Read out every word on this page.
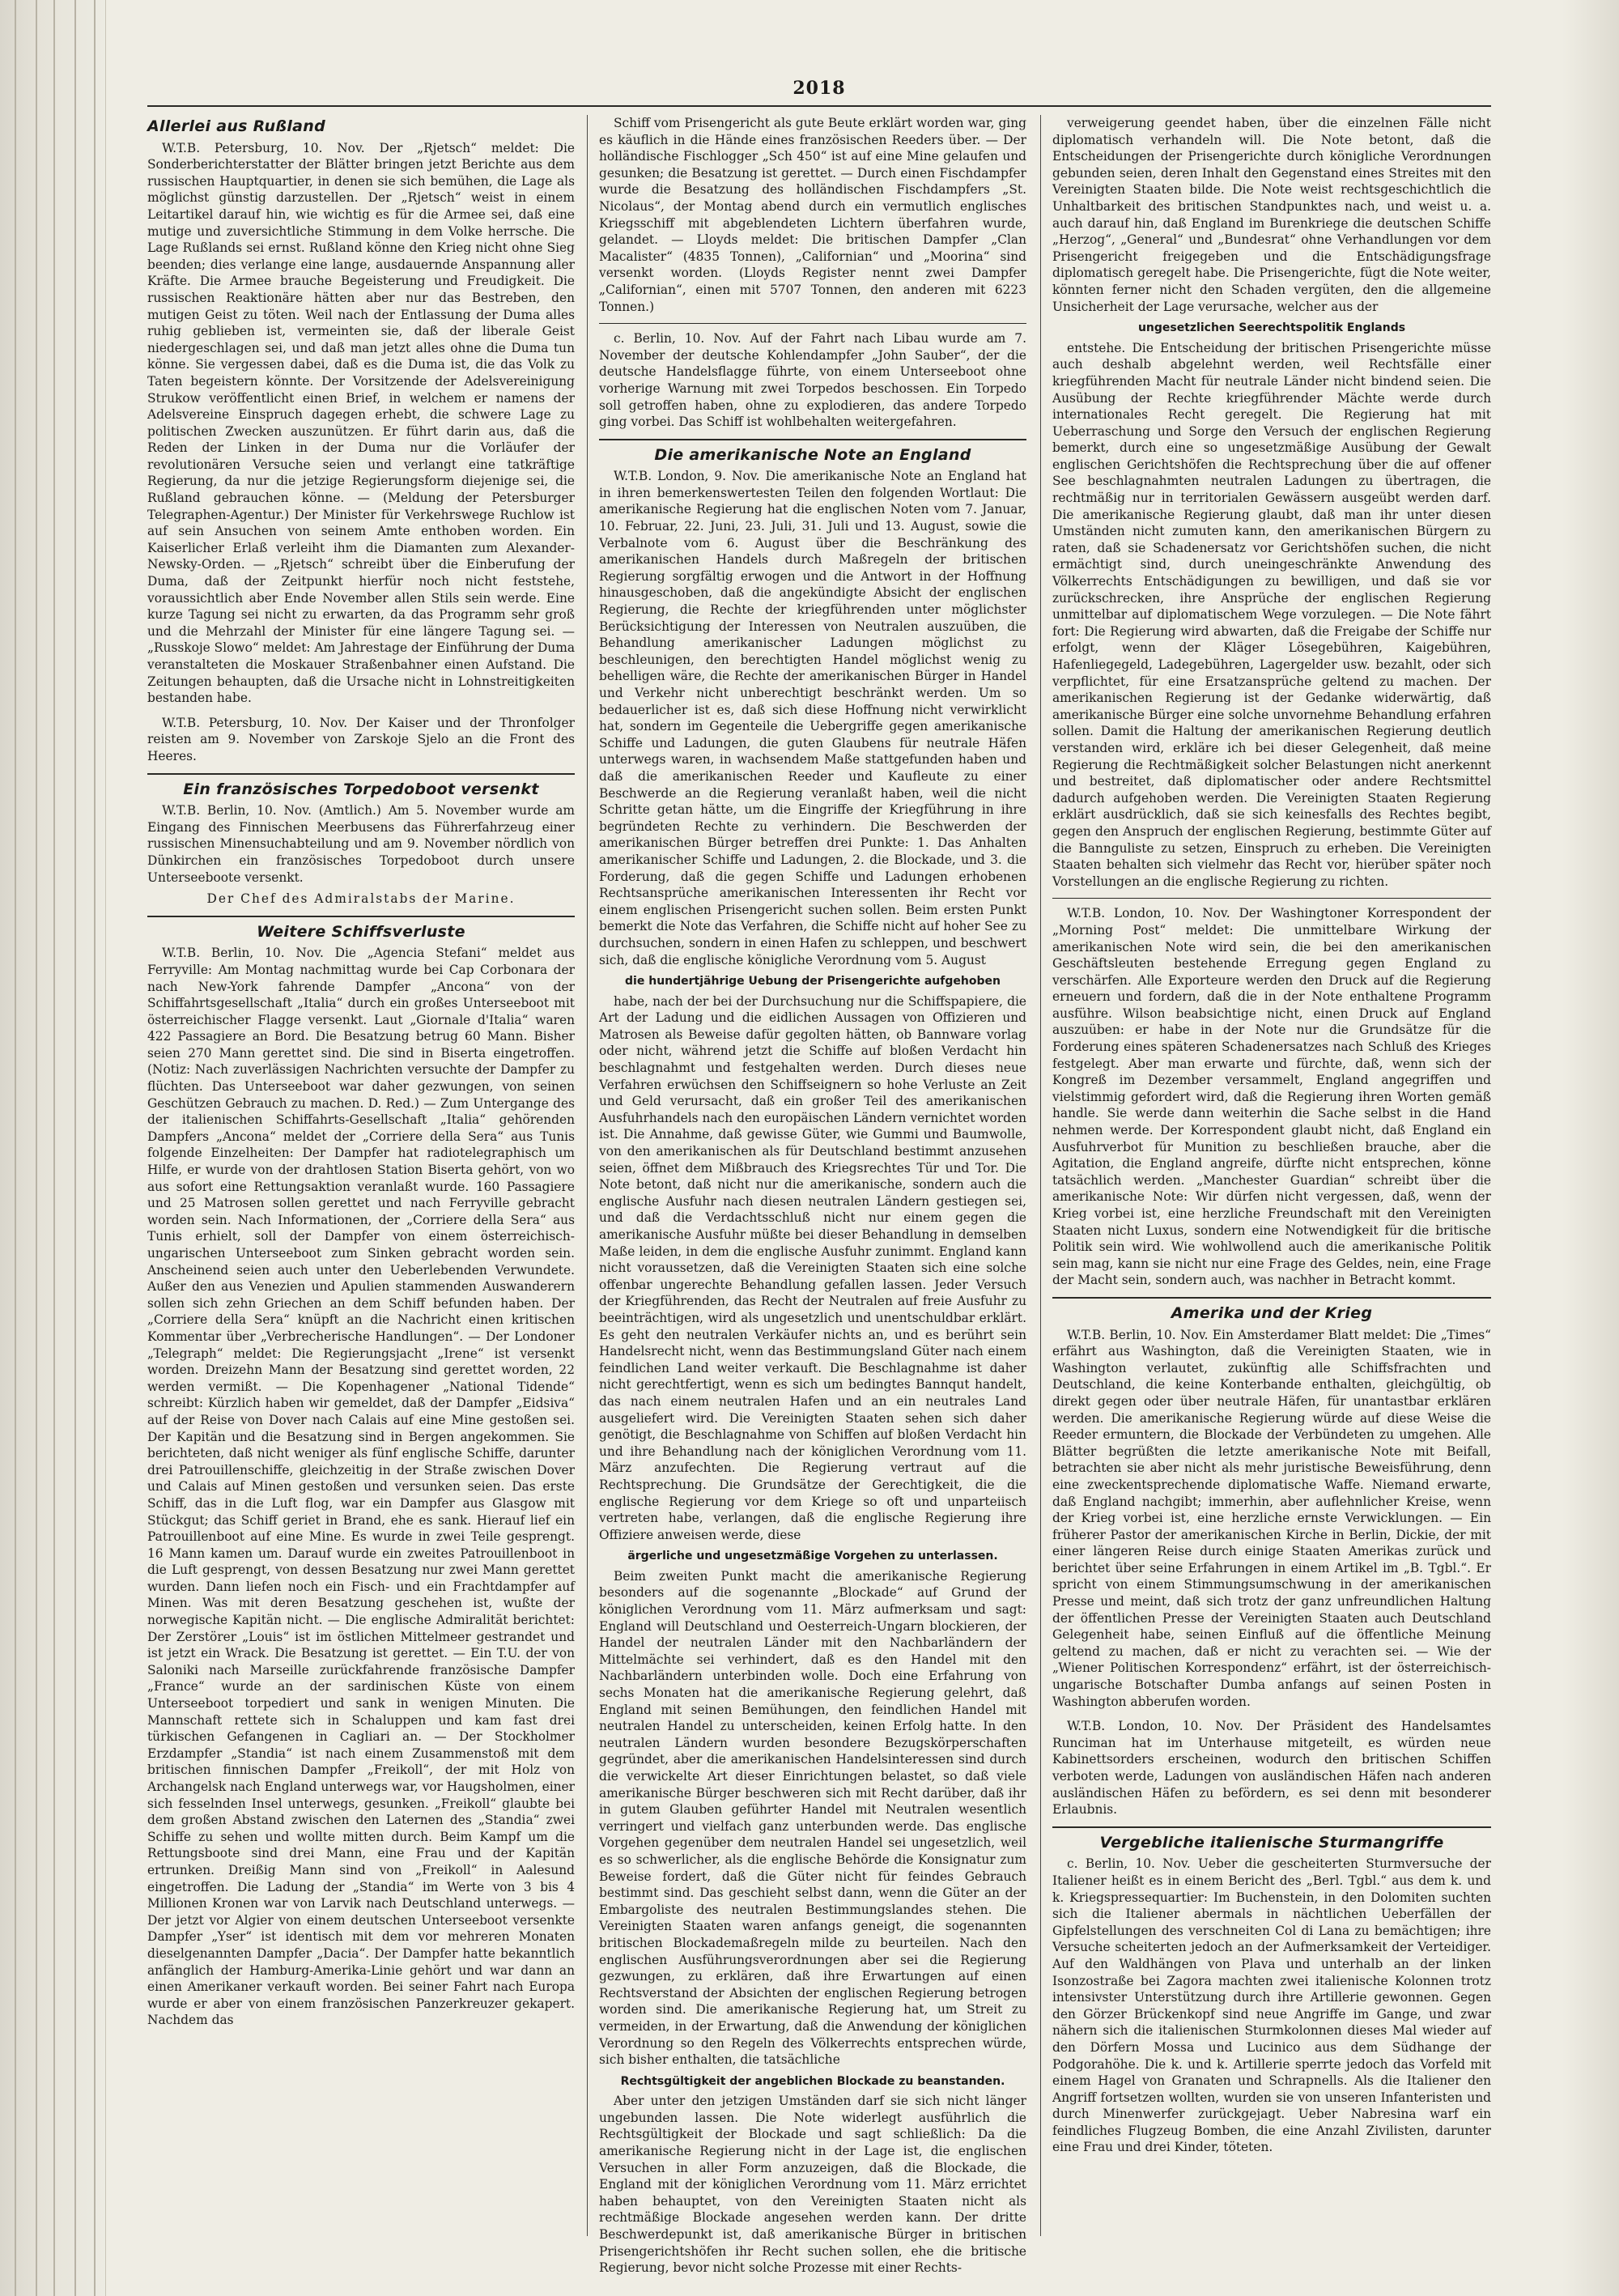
2018
Allerlei aus Rußland

W.T.B. Petersburg, 10. Nov. Der „Rjetsch“ meldet: Die Sonderberichterstatter der Blätter bringen jetzt Berichte aus dem russischen Hauptquartier, in denen sie sich bemühen, die Lage als möglichst günstig darzustellen. Der „Rjetsch“ weist in einem Leitartikel darauf hin, wie wichtig es für die Armee sei, daß eine mutige und zuversichtliche Stimmung in dem Volke herrsche. Die Lage Rußlands sei ernst. Rußland könne den Krieg nicht ohne Sieg beenden; dies verlange eine lange, ausdauernde Anspannung aller Kräfte. Die Armee brauche Begeisterung und Freudigkeit. Die russischen Reaktionäre hätten aber nur das Bestreben, den mutigen Geist zu töten. Weil nach der Entlassung der Duma alles ruhig geblieben ist, vermeinten sie, daß der liberale Geist niedergeschlagen sei, und daß man jetzt alles ohne die Duma tun könne. Sie vergessen dabei, daß es die Duma ist, die das Volk zu Taten begeistern könnte. Der Vorsitzende der Adelsvereinigung Strukow veröffentlicht einen Brief, in welchem er namens der Adelsvereine Einspruch dagegen erhebt, die schwere Lage zu politischen Zwecken auszunützen. Er führt darin aus, daß die Reden der Linken in der Duma nur die Vorläufer der revolutionären Versuche seien und verlangt eine tatkräftige Regierung, da nur die jetzige Regierungsform diejenige sei, die Rußland gebrauchen könne. — (Meldung der Petersburger Telegraphen-Agentur.) Der Minister für Verkehrswege Ruchlow ist auf sein Ansuchen von seinem Amte enthoben worden. Ein Kaiserlicher Erlaß verleiht ihm die Diamanten zum Alexander-Newsky-Orden. — „Rjetsch“ schreibt über die Einberufung der Duma, daß der Zeitpunkt hierfür noch nicht feststehe, voraussichtlich aber Ende November allen Stils sein werde. Eine kurze Tagung sei nicht zu erwarten, da das Programm sehr groß und die Mehrzahl der Minister für eine längere Tagung sei. — „Russkoje Slowo“ meldet: Am Jahrestage der Einführung der Duma veranstalteten die Moskauer Straßenbahner einen Aufstand. Die Zeitungen behaupten, daß die Ursache nicht in Lohnstreitigkeiten bestanden habe.

W.T.B. Petersburg, 10. Nov. Der Kaiser und der Thronfolger reisten am 9. November von Zarskoje Sjelo an die Front des Heeres.

Ein französisches Torpedoboot versenkt

W.T.B. Berlin, 10. Nov. (Amtlich.) Am 5. November wurde am Eingang des Finnischen Meerbusens das Führerfahrzeug einer russischen Minensuchabteilung und am 9. November nördlich von Dünkirchen ein französisches Torpedoboot durch unsere Unterseeboote versenkt.

Der Chef des Admiralstabs der Marine.

Weitere Schiffsverluste

W.T.B. Berlin, 10. Nov. Die „Agencia Stefani“ meldet aus Ferryville: Am Montag nachmittag wurde bei Cap Corbonara der nach New-York fahrende Dampfer „Ancona“ von der Schiffahrtsgesellschaft „Italia“ durch ein großes Unterseeboot mit österreichischer Flagge versenkt. Laut „Giornale d'Italia“ waren 422 Passagiere an Bord. Die Besatzung betrug 60 Mann. Bisher seien 270 Mann gerettet sind. Die sind in Biserta eingetroffen. (Notiz: Nach zuverlässigen Nachrichten versuchte der Dampfer zu flüchten. Das Unterseeboot war daher gezwungen, von seinen Geschützen Gebrauch zu machen. D. Red.) — Zum Untergange des der italienischen Schiffahrts-Gesellschaft „Italia“ gehörenden Dampfers „Ancona“ meldet der „Corriere della Sera“ aus Tunis folgende Einzelheiten: Der Dampfer hat radiotelegraphisch um Hilfe, er wurde von der drahtlosen Station Biserta gehört, von wo aus sofort eine Rettungsaktion veranlaßt wurde. 160 Passagiere und 25 Matrosen sollen gerettet und nach Ferryville gebracht worden sein. Nach Informationen, der „Corriere della Sera“ aus Tunis erhielt, soll der Dampfer von einem österreichisch-ungarischen Unterseeboot zum Sinken gebracht worden sein. Anscheinend seien auch unter den Ueberlebenden Verwundete. Außer den aus Venezien und Apulien stammenden Auswanderern sollen sich zehn Griechen an dem Schiff befunden haben. Der „Corriere della Sera“ knüpft an die Nachricht einen kritischen Kommentar über „Verbrecherische Handlungen“. — Der Londoner „Telegraph“ meldet: Die Regierungsjacht „Irene“ ist versenkt worden. Dreizehn Mann der Besatzung sind gerettet worden, 22 werden vermißt. — Die Kopenhagener „National Tidende“ schreibt: Kürzlich haben wir gemeldet, daß der Dampfer „Eidsiva“ auf der Reise von Dover nach Calais auf eine Mine gestoßen sei. Der Kapitän und die Besatzung sind in Bergen angekommen. Sie berichteten, daß nicht weniger als fünf englische Schiffe, darunter drei Patrouillenschiffe, gleichzeitig in der Straße zwischen Dover und Calais auf Minen gestoßen und versunken seien. Das erste Schiff, das in die Luft flog, war ein Dampfer aus Glasgow mit Stückgut; das Schiff geriet in Brand, ehe es sank. Hierauf lief ein Patrouillenboot auf eine Mine. Es wurde in zwei Teile gesprengt. 16 Mann kamen um. Darauf wurde ein zweites Patrouillenboot in die Luft gesprengt, von dessen Besatzung nur zwei Mann gerettet wurden. Dann liefen noch ein Fisch- und ein Frachtdampfer auf Minen. Was mit deren Besatzung geschehen ist, wußte der norwegische Kapitän nicht. — Die englische Admiralität berichtet: Der Zerstörer „Louis“ ist im östlichen Mittelmeer gestrandet und ist jetzt ein Wrack. Die Besatzung ist gerettet. — Ein T.U. der von Saloniki nach Marseille zurückfahrende französische Dampfer „France“ wurde an der sardinischen Küste von einem Unterseeboot torpediert und sank in wenigen Minuten. Die Mannschaft rettete sich in Schaluppen und kam fast drei türkischen Gefangenen in Cagliari an. — Der Stockholmer Erzdampfer „Standia“ ist nach einem Zusammenstoß mit dem britischen finnischen Dampfer „Freikoll“, der mit Holz von Archangelsk nach England unterwegs war, vor Haugsholmen, einer sich fesselnden Insel unterwegs, gesunken. „Freikoll“ glaubte bei dem großen Abstand zwischen den Laternen des „Standia“ zwei Schiffe zu sehen und wollte mitten durch. Beim Kampf um die Rettungsboote sind drei Mann, eine Frau und der Kapitän ertrunken. Dreißig Mann sind von „Freikoll“ in Aalesund eingetroffen. Die Ladung der „Standia“ im Werte von 3 bis 4 Millionen Kronen war von Larvik nach Deutschland unterwegs. — Der jetzt vor Algier von einem deutschen Unterseeboot versenkte Dampfer „Yser“ ist identisch mit dem vor mehreren Monaten dieselgenannten Dampfer „Dacia“. Der Dampfer hatte bekanntlich anfänglich der Hamburg-Amerika-Linie gehört und war dann an einen Amerikaner verkauft worden. Bei seiner Fahrt nach Europa wurde er aber von einem französischen Panzerkreuzer gekapert. Nachdem das

Schiff vom Prisengericht als gute Beute erklärt worden war, ging es käuflich in die Hände eines französischen Reeders über. — Der holländische Fischlogger „Sch 450“ ist auf eine Mine gelaufen und gesunken; die Besatzung ist gerettet. — Durch einen Fischdampfer wurde die Besatzung des holländischen Fischdampfers „St. Nicolaus“, der Montag abend durch ein vermutlich englisches Kriegsschiff mit abgeblendeten Lichtern überfahren wurde, gelandet. — Lloyds meldet: Die britischen Dampfer „Clan Macalister“ (4835 Tonnen), „Californian“ und „Moorina“ sind versenkt worden. (Lloyds Register nennt zwei Dampfer „Californian“, einen mit 5707 Tonnen, den anderen mit 6223 Tonnen.)

c. Berlin, 10. Nov. Auf der Fahrt nach Libau wurde am 7. November der deutsche Kohlendampfer „John Sauber“, der die deutsche Handelsflagge führte, von einem Unterseeboot ohne vorherige Warnung mit zwei Torpedos beschossen. Ein Torpedo soll getroffen haben, ohne zu explodieren, das andere Torpedo ging vorbei. Das Schiff ist wohlbehalten weitergefahren.

Die amerikanische Note an England

W.T.B. London, 9. Nov. Die amerikanische Note an England hat in ihren bemerkenswertesten Teilen den folgenden Wortlaut: Die amerikanische Regierung hat die englischen Noten vom 7. Januar, 10. Februar, 22. Juni, 23. Juli, 31. Juli und 13. August, sowie die Verbalnote vom 6. August über die Beschränkung des amerikanischen Handels durch Maßregeln der britischen Regierung sorgfältig erwogen und die Antwort in der Hoffnung hinausgeschoben, daß die angekündigte Absicht der englischen Regierung, die Rechte der kriegführenden unter möglichster Berücksichtigung der Interessen von Neutralen auszuüben, die Behandlung amerikanischer Ladungen möglichst zu beschleunigen, den berechtigten Handel möglichst wenig zu behelligen wäre, die Rechte der amerikanischen Bürger in Handel und Verkehr nicht unberechtigt beschränkt werden. Um so bedauerlicher ist es, daß sich diese Hoffnung nicht verwirklicht hat, sondern im Gegenteile die Uebergriffe gegen amerikanische Schiffe und Ladungen, die guten Glaubens für neutrale Häfen unterwegs waren, in wachsendem Maße stattgefunden haben und daß die amerikanischen Reeder und Kaufleute zu einer Beschwerde an die Regierung veranlaßt haben, weil die nicht Schritte getan hätte, um die Eingriffe der Kriegführung in ihre begründeten Rechte zu verhindern. Die Beschwerden der amerikanischen Bürger betreffen drei Punkte: 1. Das Anhalten amerikanischer Schiffe und Ladungen, 2. die Blockade, und 3. die Forderung, daß die gegen Schiffe und Ladungen erhobenen Rechtsansprüche amerikanischen Interessenten ihr Recht vor einem englischen Prisengericht suchen sollen. Beim ersten Punkt bemerkt die Note das Verfahren, die Schiffe nicht auf hoher See zu durchsuchen, sondern in einen Hafen zu schleppen, und beschwert sich, daß die englische königliche Verordnung vom 5. August

die hundertjährige Uebung der Prisengerichte aufgehoben

habe, nach der bei der Durchsuchung nur die Schiffspapiere, die Art der Ladung und die eidlichen Aussagen von Offizieren und Matrosen als Beweise dafür gegolten hätten, ob Bannware vorlag oder nicht, während jetzt die Schiffe auf bloßen Verdacht hin beschlagnahmt und festgehalten werden. Durch dieses neue Verfahren erwüchsen den Schiffseignern so hohe Verluste an Zeit und Geld verursacht, daß ein großer Teil des amerikanischen Ausfuhrhandels nach den europäischen Ländern vernichtet worden ist. Die Annahme, daß gewisse Güter, wie Gummi und Baumwolle, von den amerikanischen als für Deutschland bestimmt anzusehen seien, öffnet dem Mißbrauch des Kriegsrechtes Tür und Tor. Die Note betont, daß nicht nur die amerikanische, sondern auch die englische Ausfuhr nach diesen neutralen Ländern gestiegen sei, und daß die Verdachtsschluß nicht nur einem gegen die amerikanische Ausfuhr müßte bei dieser Behandlung in demselben Maße leiden, in dem die englische Ausfuhr zunimmt. England kann nicht voraussetzen, daß die Vereinigten Staaten sich eine solche offenbar ungerechte Behandlung gefallen lassen. Jeder Versuch der Kriegführenden, das Recht der Neutralen auf freie Ausfuhr zu beeinträchtigen, wird als ungesetzlich und unentschuldbar erklärt. Es geht den neutralen Verkäufer nichts an, und es berührt sein Handelsrecht nicht, wenn das Bestimmungsland Güter nach einem feindlichen Land weiter verkauft. Die Beschlagnahme ist daher nicht gerechtfertigt, wenn es sich um bedingtes Bannqut handelt, das nach einem neutralen Hafen und an ein neutrales Land ausgeliefert wird. Die Vereinigten Staaten sehen sich daher genötigt, die Beschlagnahme von Schiffen auf bloßen Verdacht hin und ihre Behandlung nach der königlichen Verordnung vom 11. März anzufechten. Die Regierung vertraut auf die Rechtsprechung. Die Grundsätze der Gerechtigkeit, die die englische Regierung vor dem Kriege so oft und unparteiisch vertreten habe, verlangen, daß die englische Regierung ihre Offiziere anweisen werde, diese

ärgerliche und ungesetzmäßige Vorgehen zu unterlassen.

Beim zweiten Punkt macht die amerikanische Regierung besonders auf die sogenannte „Blockade“ auf Grund der königlichen Verordnung vom 11. März aufmerksam und sagt: England will Deutschland und Oesterreich-Ungarn blockieren, der Handel der neutralen Länder mit den Nachbarländern der Mittelmächte sei verhindert, daß es den Handel mit den Nachbarländern unterbinden wolle. Doch eine Erfahrung von sechs Monaten hat die amerikanische Regierung gelehrt, daß England mit seinen Bemühungen, den feindlichen Handel mit neutralen Handel zu unterscheiden, keinen Erfolg hatte. In den neutralen Ländern wurden besondere Bezugskörperschaften gegründet, aber die amerikanischen Handelsinteressen sind durch die verwickelte Art dieser Einrichtungen belastet, so daß viele amerikanische Bürger beschweren sich mit Recht darüber, daß ihr in gutem Glauben geführter Handel mit Neutralen wesentlich verringert und vielfach ganz unterbunden werde. Das englische Vorgehen gegenüber dem neutralen Handel sei ungesetzlich, weil es so schwerlicher, als die englische Behörde die Konsignatur zum Beweise fordert, daß die Güter nicht für feindes Gebrauch bestimmt sind. Das geschieht selbst dann, wenn die Güter an der Embargoliste des neutralen Bestimmungslandes stehen. Die Vereinigten Staaten waren anfangs geneigt, die sogenannten britischen Blockademaßregeln milde zu beurteilen. Nach den englischen Ausführungsverordnungen aber sei die Regierung gezwungen, zu erklären, daß ihre Erwartungen auf einen Rechtsverstand der Absichten der englischen Regierung betrogen worden sind. Die amerikanische Regierung hat, um Streit zu vermeiden, in der Erwartung, daß die Anwendung der königlichen Verordnung so den Regeln des Völkerrechts entsprechen würde, sich bisher enthalten, die tatsächliche

Rechtsgültigkeit der angeblichen Blockade zu beanstanden.

Aber unter den jetzigen Umständen darf sie sich nicht länger ungebunden lassen. Die Note widerlegt ausführlich die Rechtsgültigkeit der Blockade und sagt schließlich: Da die amerikanische Regierung nicht in der Lage ist, die englischen Versuchen in aller Form anzuzeigen, daß die Blockade, die England mit der königlichen Verordnung vom 11. März errichtet haben behauptet, von den Vereinigten Staaten nicht als rechtmäßige Blockade angesehen werden kann. Der dritte Beschwerdepunkt ist, daß amerikanische Bürger in britischen Prisengerichtshöfen ihr Recht suchen sollen, ehe die britische Regierung, bevor nicht solche Prozesse mit einer Rechts-

verweigerung geendet haben, über die einzelnen Fälle nicht diplomatisch verhandeln will. Die Note betont, daß die Entscheidungen der Prisengerichte durch königliche Verordnungen gebunden seien, deren Inhalt den Gegenstand eines Streites mit den Vereinigten Staaten bilde. Die Note weist rechtsgeschichtlich die Unhaltbarkeit des britischen Standpunktes nach, und weist u. a. auch darauf hin, daß England im Burenkriege die deutschen Schiffe „Herzog“, „General“ und „Bundesrat“ ohne Verhandlungen vor dem Prisengericht freigegeben und die Entschädigungsfrage diplomatisch geregelt habe. Die Prisengerichte, fügt die Note weiter, könnten ferner nicht den Schaden vergüten, den die allgemeine Unsicherheit der Lage verursache, welcher aus der

ungesetzlichen Seerechtspolitik Englands

entstehe. Die Entscheidung der britischen Prisengerichte müsse auch deshalb abgelehnt werden, weil Rechtsfälle einer kriegführenden Macht für neutrale Länder nicht bindend seien. Die Ausübung der Rechte kriegführender Mächte werde durch internationales Recht geregelt. Die Regierung hat mit Ueberraschung und Sorge den Versuch der englischen Regierung bemerkt, durch eine so ungesetzmäßige Ausübung der Gewalt englischen Gerichtshöfen die Rechtsprechung über die auf offener See beschlagnahmten neutralen Ladungen zu übertragen, die rechtmäßig nur in territorialen Gewässern ausgeübt werden darf. Die amerikanische Regierung glaubt, daß man ihr unter diesen Umständen nicht zumuten kann, den amerikanischen Bürgern zu raten, daß sie Schadenersatz vor Gerichtshöfen suchen, die nicht ermächtigt sind, durch uneingeschränkte Anwendung des Völkerrechts Entschädigungen zu bewilligen, und daß sie vor zurückschrecken, ihre Ansprüche der englischen Regierung unmittelbar auf diplomatischem Wege vorzulegen. — Die Note fährt fort: Die Regierung wird abwarten, daß die Freigabe der Schiffe nur erfolgt, wenn der Kläger Lösegebühren, Kaigebühren, Hafenliegegeld, Ladegebühren, Lagergelder usw. bezahlt, oder sich verpflichtet, für eine Ersatzansprüche geltend zu machen. Der amerikanischen Regierung ist der Gedanke widerwärtig, daß amerikanische Bürger eine solche unvornehme Behandlung erfahren sollen. Damit die Haltung der amerikanischen Regierung deutlich verstanden wird, erkläre ich bei dieser Gelegenheit, daß meine Regierung die Rechtmäßigkeit solcher Belastungen nicht anerkennt und bestreitet, daß diplomatischer oder andere Rechtsmittel dadurch aufgehoben werden. Die Vereinigten Staaten Regierung erklärt ausdrücklich, daß sie sich keinesfalls des Rechtes begibt, gegen den Anspruch der englischen Regierung, bestimmte Güter auf die Bannguliste zu setzen, Einspruch zu erheben. Die Vereinigten Staaten behalten sich vielmehr das Recht vor, hierüber später noch Vorstellungen an die englische Regierung zu richten.

W.T.B. London, 10. Nov. Der Washingtoner Korrespondent der „Morning Post“ meldet: Die unmittelbare Wirkung der amerikanischen Note wird sein, die bei den amerikanischen Geschäftsleuten bestehende Erregung gegen England zu verschärfen. Alle Exporteure werden den Druck auf die Regierung erneuern und fordern, daß die in der Note enthaltene Programm ausführe. Wilson beabsichtige nicht, einen Druck auf England auszuüben: er habe in der Note nur die Grundsätze für die Forderung eines späteren Schadenersatzes nach Schluß des Krieges festgelegt. Aber man erwarte und fürchte, daß, wenn sich der Kongreß im Dezember versammelt, England angegriffen und vielstimmig gefordert wird, daß die Regierung ihren Worten gemäß handle. Sie werde dann weiterhin die Sache selbst in die Hand nehmen werde. Der Korrespondent glaubt nicht, daß England ein Ausfuhrverbot für Munition zu beschließen brauche, aber die Agitation, die England angreife, dürfte nicht entsprechen, könne tatsächlich werden. „Manchester Guardian“ schreibt über die amerikanische Note: Wir dürfen nicht vergessen, daß, wenn der Krieg vorbei ist, eine herzliche Freundschaft mit den Vereinigten Staaten nicht Luxus, sondern eine Notwendigkeit für die britische Politik sein wird. Wie wohlwollend auch die amerikanische Politik sein mag, kann sie nicht nur eine Frage des Geldes, nein, eine Frage der Macht sein, sondern auch, was nachher in Betracht kommt.

Amerika und der Krieg

W.T.B. Berlin, 10. Nov. Ein Amsterdamer Blatt meldet: Die „Times“ erfährt aus Washington, daß die Vereinigten Staaten, wie in Washington verlautet, zukünftig alle Schiffsfrachten und Deutschland, die keine Konterbande enthalten, gleichgültig, ob direkt gegen oder über neutrale Häfen, für unantastbar erklären werden. Die amerikanische Regierung würde auf diese Weise die Reeder ermuntern, die Blockade der Verbündeten zu umgehen. Alle Blätter begrüßten die letzte amerikanische Note mit Beifall, betrachten sie aber nicht als mehr juristische Beweisführung, denn eine zweckentsprechende diplomatische Waffe. Niemand erwarte, daß England nachgibt; immerhin, aber auflehnlicher Kreise, wenn der Krieg vorbei ist, eine herzliche ernste Verwicklungen. — Ein früherer Pastor der amerikanischen Kirche in Berlin, Dickie, der mit einer längeren Reise durch einige Staaten Amerikas zurück und berichtet über seine Erfahrungen in einem Artikel im „B. Tgbl.“. Er spricht von einem Stimmungsumschwung in der amerikanischen Presse und meint, daß sich trotz der ganz unfreundlichen Haltung der öffentlichen Presse der Vereinigten Staaten auch Deutschland Gelegenheit habe, seinen Einfluß auf die öffentliche Meinung geltend zu machen, daß er nicht zu verachten sei. — Wie der „Wiener Politischen Korrespondenz“ erfährt, ist der österreichisch-ungarische Botschafter Dumba anfangs auf seinen Posten in Washington abberufen worden.

W.T.B. London, 10. Nov. Der Präsident des Handelsamtes Runciman hat im Unterhause mitgeteilt, es würden neue Kabinettsorders erscheinen, wodurch den britischen Schiffen verboten werde, Ladungen von ausländischen Häfen nach anderen ausländischen Häfen zu befördern, es sei denn mit besonderer Erlaubnis.

Vergebliche italienische Sturmangriffe

c. Berlin, 10. Nov. Ueber die gescheiterten Sturmversuche der Italiener heißt es in einem Bericht des „Berl. Tgbl.“ aus dem k. und k. Kriegspressequartier: Im Buchenstein, in den Dolomiten suchten sich die Italiener abermals in nächtlichen Ueberfällen der Gipfelstellungen des verschneiten Col di Lana zu bemächtigen; ihre Versuche scheiterten jedoch an der Aufmerksamkeit der Verteidiger. Auf den Waldhängen von Plava und unterhalb an der linken Isonzostraße bei Zagora machten zwei italienische Kolonnen trotz intensivster Unterstützung durch ihre Artillerie gewonnen. Gegen den Görzer Brückenkopf sind neue Angriffe im Gange, und zwar nähern sich die italienischen Sturmkolonnen dieses Mal wieder auf den Dörfern Mossa und Lucinico aus dem Südhange der Podgorahöhe. Die k. und k. Artillerie sperrte jedoch das Vorfeld mit einem Hagel von Granaten und Schrapnells. Als die Italiener den Angriff fortsetzen wollten, wurden sie von unseren Infanteristen und durch Minenwerfer zurückgejagt. Ueber Nabresina warf ein feindliches Flugzeug Bomben, die eine Anzahl Zivilisten, darunter eine Frau und drei Kinder, töteten.
